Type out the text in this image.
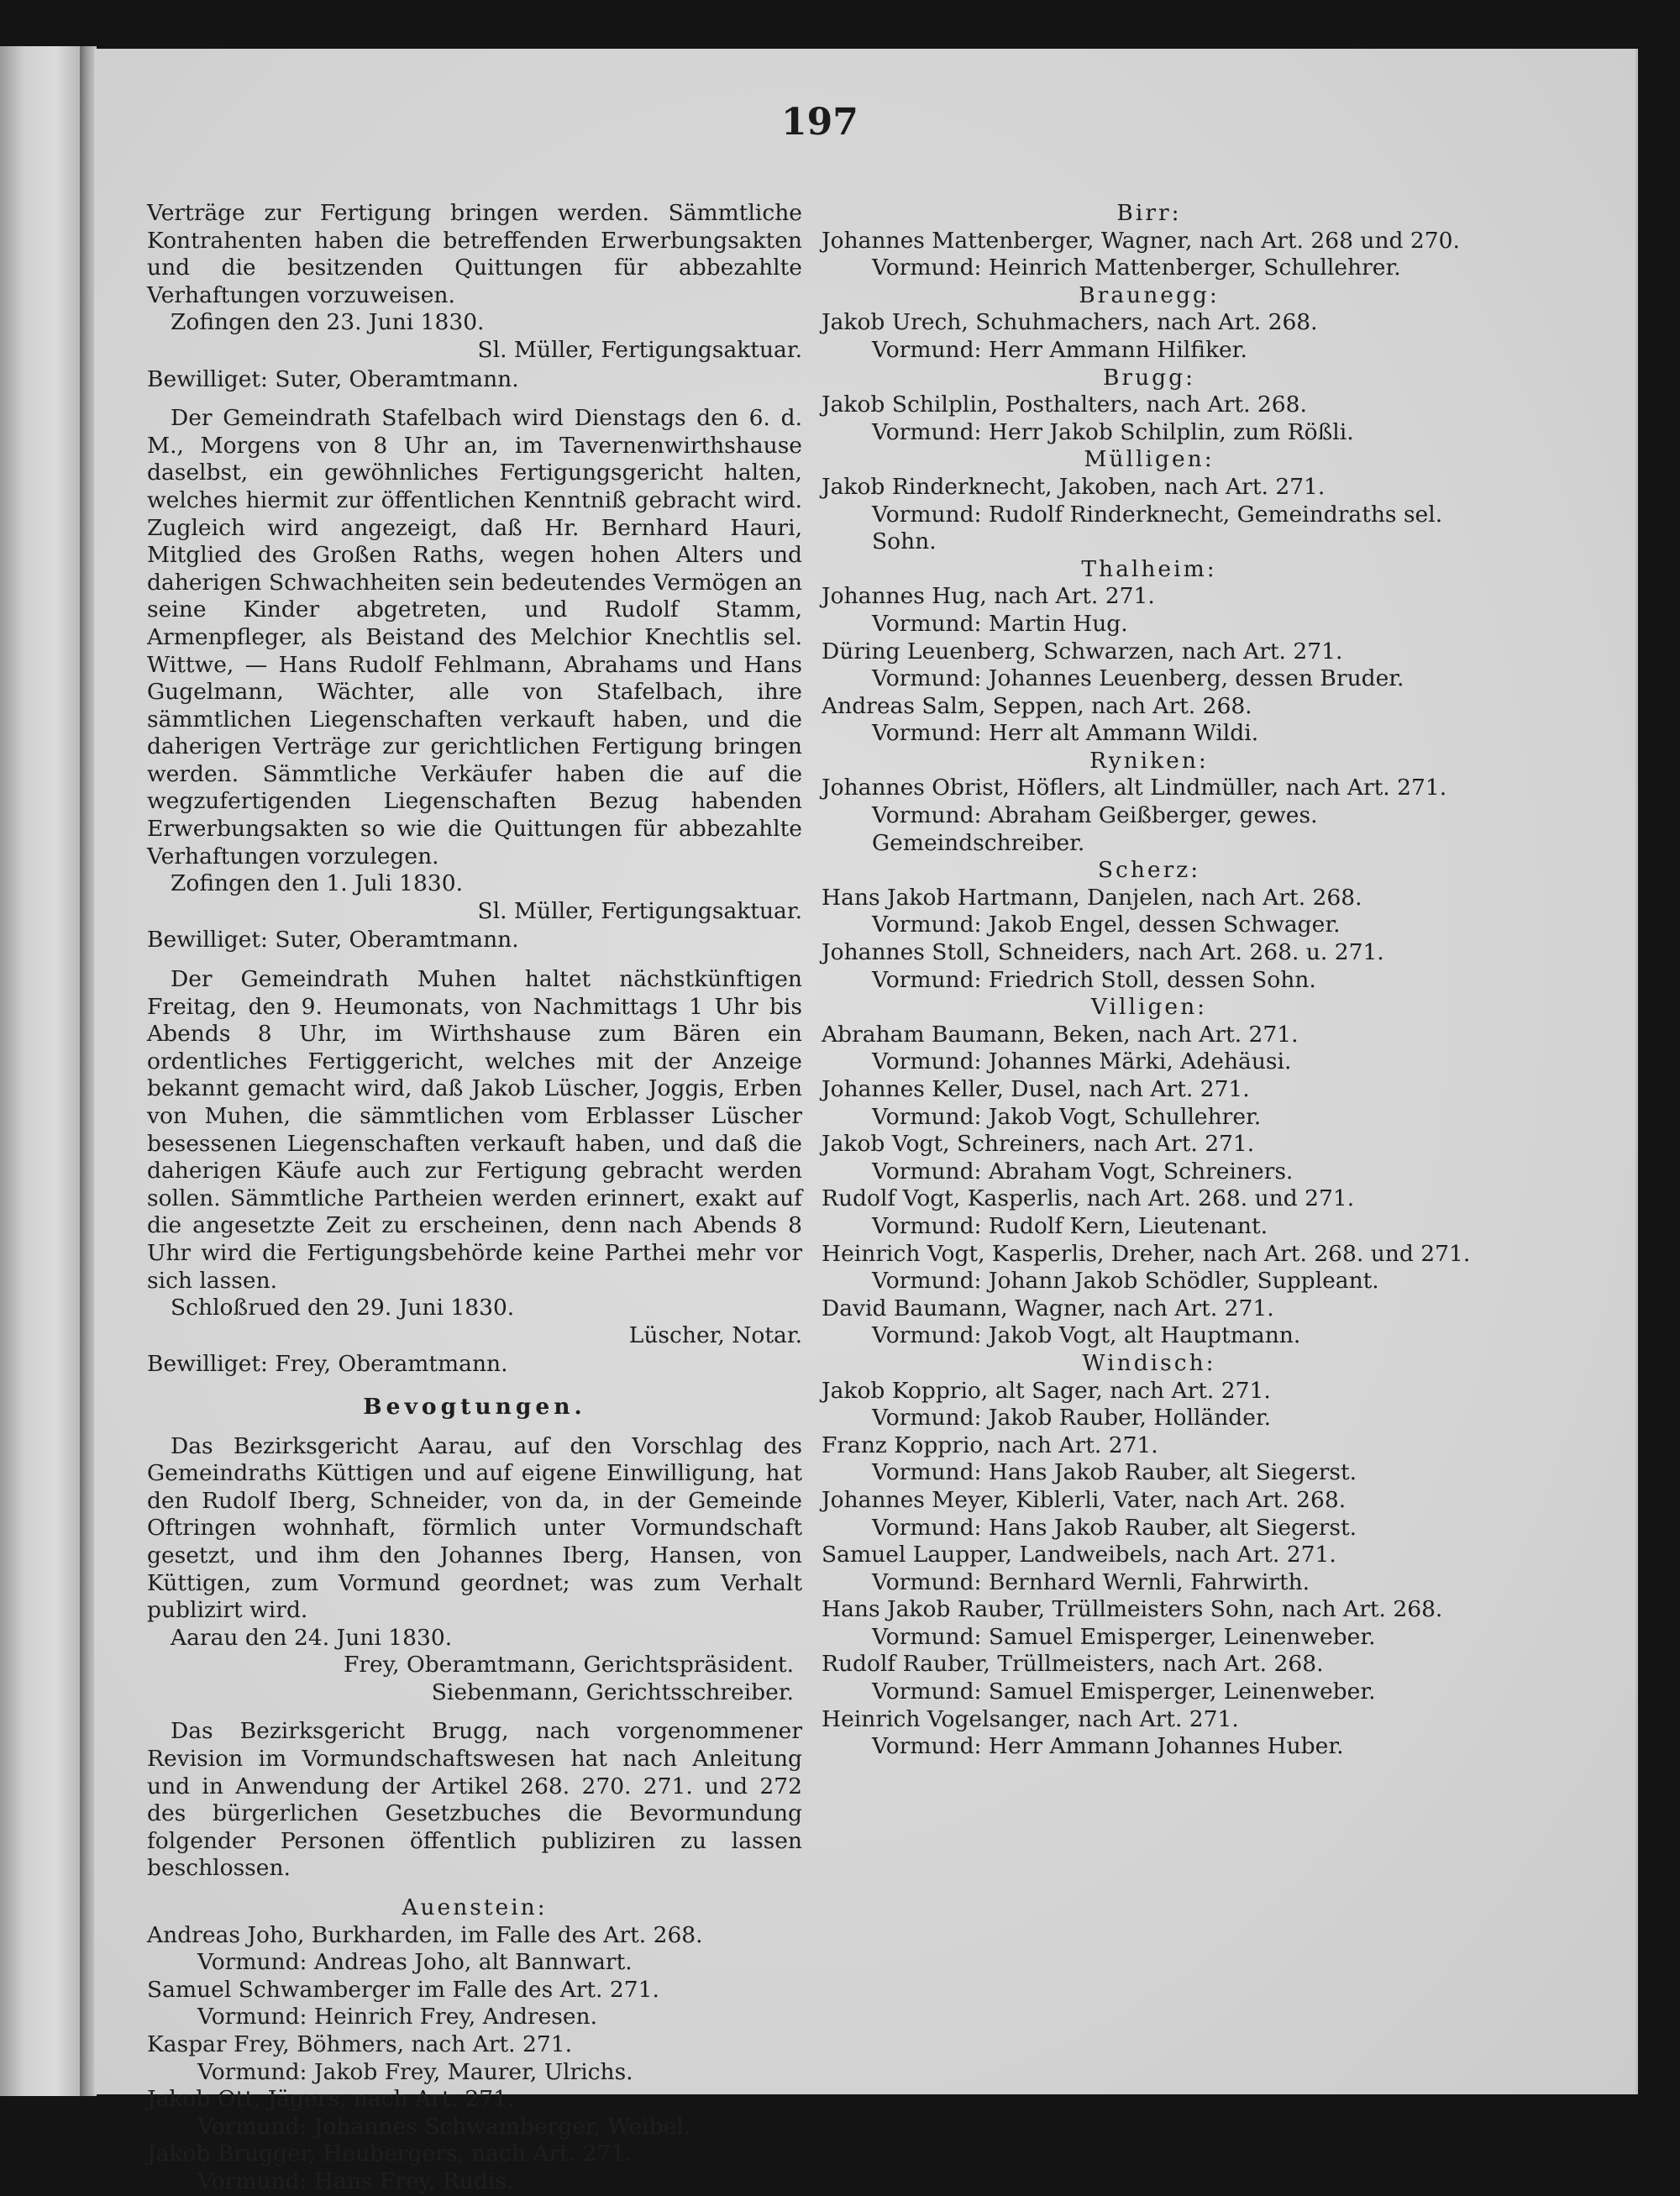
197

Verträge zur Fertigung bringen werden. Sämmtliche Kontrahenten haben die betreffenden Erwerbungsakten und die besitzenden Quittungen für abbezahlte Verhaftungen vorzuweisen.

Zofingen den 23. Juni 1830.

Sl. Müller, Fertigungsaktuar.

Bewilliget: Suter, Oberamtmann.

Der Gemeindrath Stafelbach wird Dienstags den 6. d. M., Morgens von 8 Uhr an, im Tavernenwirthshause daselbst, ein gewöhnliches Fertigungsgericht halten, welches hiermit zur öffentlichen Kenntniß gebracht wird. Zugleich wird angezeigt, daß Hr. Bernhard Hauri, Mitglied des Großen Raths, wegen hohen Alters und daherigen Schwachheiten sein bedeutendes Vermögen an seine Kinder abgetreten, und Rudolf Stamm, Armenpfleger, als Beistand des Melchior Knechtlis sel. Wittwe, — Hans Rudolf Fehlmann, Abrahams und Hans Gugelmann, Wächter, alle von Stafelbach, ihre sämmtlichen Liegenschaften verkauft haben, und die daherigen Verträge zur gerichtlichen Fertigung bringen werden. Sämmtliche Verkäufer haben die auf die wegzufertigenden Liegenschaften Bezug habenden Erwerbungsakten so wie die Quittungen für abbezahlte Verhaftungen vorzulegen.

Zofingen den 1. Juli 1830.

Sl. Müller, Fertigungsaktuar.

Bewilliget: Suter, Oberamtmann.

Der Gemeindrath Muhen haltet nächstkünftigen Freitag, den 9. Heumonats, von Nachmittags 1 Uhr bis Abends 8 Uhr, im Wirthshause zum Bären ein ordentliches Fertiggericht, welches mit der Anzeige bekannt gemacht wird, daß Jakob Lüscher, Joggis, Erben von Muhen, die sämmtlichen vom Erblasser Lüscher besessenen Liegenschaften verkauft haben, und daß die daherigen Käufe auch zur Fertigung gebracht werden sollen. Sämmtliche Partheien werden erinnert, exakt auf die angesetzte Zeit zu erscheinen, denn nach Abends 8 Uhr wird die Fertigungsbehörde keine Parthei mehr vor sich lassen.

Schloßrued den 29. Juni 1830.

Lüscher, Notar.

Bewilliget: Frey, Oberamtmann.

Bevogtungen.

Das Bezirksgericht Aarau, auf den Vorschlag des Gemeindraths Küttigen und auf eigene Einwilligung, hat den Rudolf Iberg, Schneider, von da, in der Gemeinde Oftringen wohnhaft, förmlich unter Vormundschaft gesetzt, und ihm den Johannes Iberg, Hansen, von Küttigen, zum Vormund geordnet; was zum Verhalt publizirt wird.

Aarau den 24. Juni 1830.

Frey, Oberamtmann, Gerichtspräsident.

Siebenmann, Gerichtsschreiber.

Das Bezirksgericht Brugg, nach vorgenommener Revision im Vormundschaftswesen hat nach Anleitung und in Anwendung der Artikel 268. 270. 271. und 272 des bürgerlichen Gesetzbuches die Bevormundung folgender Personen öffentlich publiziren zu lassen beschlossen.

Auenstein:

Andreas Joho, Burkharden, im Falle des Art. 268.

Vormund: Andreas Joho, alt Bannwart.

Samuel Schwamberger im Falle des Art. 271.

Vormund: Heinrich Frey, Andresen.

Kaspar Frey, Böhmers, nach Art. 271.

Vormund: Jakob Frey, Maurer, Ulrichs.

Jakob Ott, Jägers, nach Art. 271.

Vormund: Johannes Schwamberger, Weibel.

Jakob Brugger, Heubergers, nach Art. 271.

Vormund: Hans Frey, Rudis.

Birr:

Johannes Mattenberger, Wagner, nach Art. 268 und 270.

Vormund: Heinrich Mattenberger, Schullehrer.

Braunegg:

Jakob Urech, Schuhmachers, nach Art. 268.

Vormund: Herr Ammann Hilfiker.

Brugg:

Jakob Schilplin, Posthalters, nach Art. 268.

Vormund: Herr Jakob Schilplin, zum Rößli.

Mülligen:

Jakob Rinderknecht, Jakoben, nach Art. 271.

Vormund: Rudolf Rinderknecht, Gemeindraths sel. Sohn.

Thalheim:

Johannes Hug, nach Art. 271.

Vormund: Martin Hug.

Düring Leuenberg, Schwarzen, nach Art. 271.

Vormund: Johannes Leuenberg, dessen Bruder.

Andreas Salm, Seppen, nach Art. 268.

Vormund: Herr alt Ammann Wildi.

Ryniken:

Johannes Obrist, Höflers, alt Lindmüller, nach Art. 271.

Vormund: Abraham Geißberger, gewes. Gemeindschreiber.

Scherz:

Hans Jakob Hartmann, Danjelen, nach Art. 268.

Vormund: Jakob Engel, dessen Schwager.

Johannes Stoll, Schneiders, nach Art. 268. u. 271.

Vormund: Friedrich Stoll, dessen Sohn.

Villigen:

Abraham Baumann, Beken, nach Art. 271.

Vormund: Johannes Märki, Adehäusi.

Johannes Keller, Dusel, nach Art. 271.

Vormund: Jakob Vogt, Schullehrer.

Jakob Vogt, Schreiners, nach Art. 271.

Vormund: Abraham Vogt, Schreiners.

Rudolf Vogt, Kasperlis, nach Art. 268. und 271.

Vormund: Rudolf Kern, Lieutenant.

Heinrich Vogt, Kasperlis, Dreher, nach Art. 268. und 271.

Vormund: Johann Jakob Schödler, Suppleant.

David Baumann, Wagner, nach Art. 271.

Vormund: Jakob Vogt, alt Hauptmann.

Windisch:

Jakob Kopprio, alt Sager, nach Art. 271.

Vormund: Jakob Rauber, Holländer.

Franz Kopprio, nach Art. 271.

Vormund: Hans Jakob Rauber, alt Siegerst.

Johannes Meyer, Kiblerli, Vater, nach Art. 268.

Vormund: Hans Jakob Rauber, alt Siegerst.

Samuel Laupper, Landweibels, nach Art. 271.

Vormund: Bernhard Wernli, Fahrwirth.

Hans Jakob Rauber, Trüllmeisters Sohn, nach Art. 268.

Vormund: Samuel Emisperger, Leinenweber.

Rudolf Rauber, Trüllmeisters, nach Art. 268.

Vormund: Samuel Emisperger, Leinenweber.

Heinrich Vogelsanger, nach Art. 271.

Vormund: Herr Ammann Johannes Huber.
